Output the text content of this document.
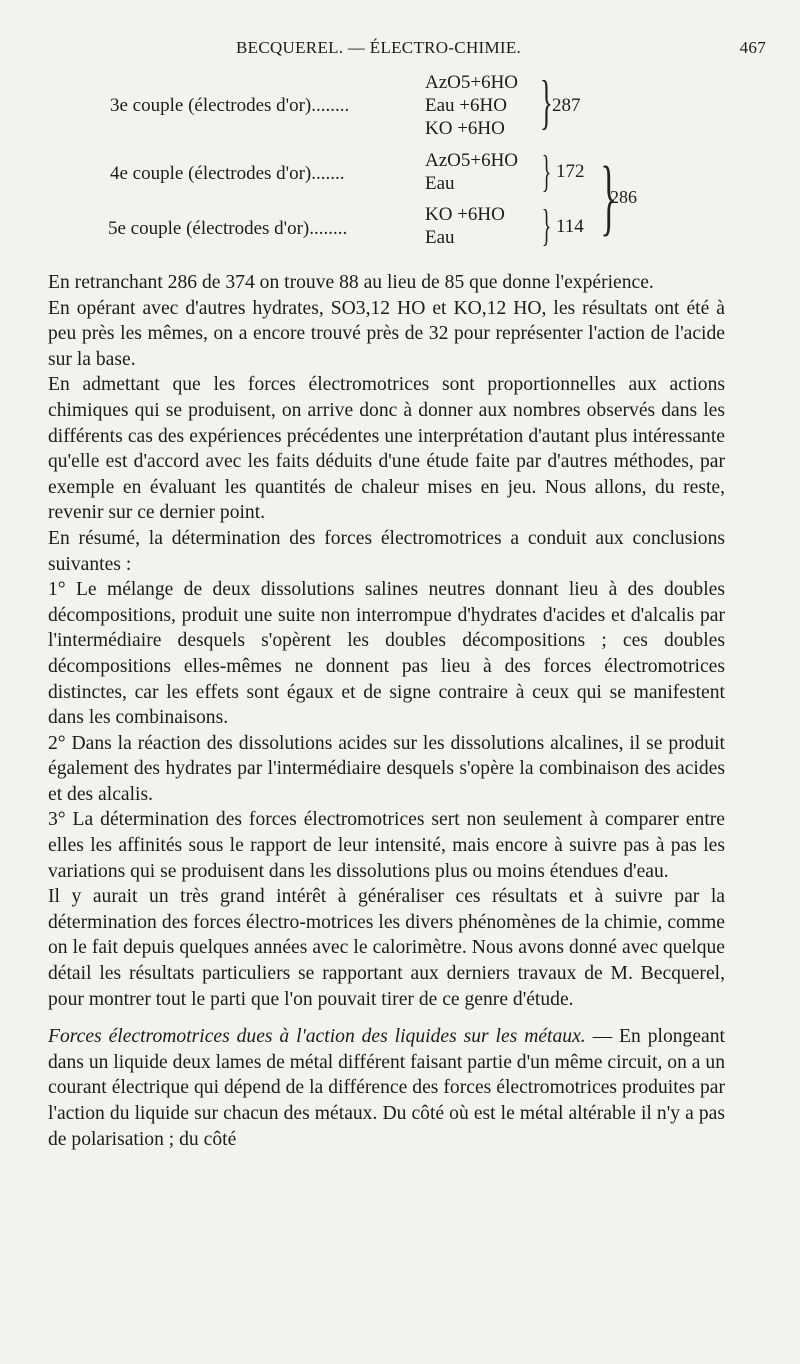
BECQUEREL. — ÉLECTRO-CHIMIE.	467
3e couple (électrodes d'or)........
AzO5+6HO
Eau +6HO
KO +6HO } 287
4e couple (électrodes d'or).......
AzO5+6HO
Eau } 172
5e couple (électrodes d'or)........
KO +6HO
Eau } 114 }
286

En retranchant 286 de 374 on trouve 88 au lieu de 85 que donne l'expérience.

En opérant avec d'autres hydrates, SO3,12 HO et KO,12 HO, les résultats ont été à peu près les mêmes, on a encore trouvé près de 32 pour représenter l'action de l'acide sur la base.

En admettant que les forces électromotrices sont proportionnelles aux actions chimiques qui se produisent, on arrive donc à donner aux nombres observés dans les différents cas des expériences précédentes une interprétation d'autant plus intéressante qu'elle est d'accord avec les faits déduits d'une étude faite par d'autres méthodes, par exemple en évaluant les quantités de chaleur mises en jeu. Nous allons, du reste, revenir sur ce dernier point.

En résumé, la détermination des forces électromotrices a conduit aux conclusions suivantes :

1° Le mélange de deux dissolutions salines neutres donnant lieu à des doubles décompositions, produit une suite non interrompue d'hydrates d'acides et d'alcalis par l'intermédiaire desquels s'opèrent les doubles décompositions ; ces doubles décompositions elles-mêmes ne donnent pas lieu à des forces électromotrices distinctes, car les effets sont égaux et de signe contraire à ceux qui se manifestent dans les combinaisons.

2° Dans la réaction des dissolutions acides sur les dissolutions alcalines, il se produit également des hydrates par l'intermédiaire desquels s'opère la combinaison des acides et des alcalis.

3° La détermination des forces électromotrices sert non seulement à comparer entre elles les affinités sous le rapport de leur intensité, mais encore à suivre pas à pas les variations qui se produisent dans les dissolutions plus ou moins étendues d'eau.

Il y aurait un très grand intérêt à généraliser ces résultats et à suivre par la détermination des forces électro-motrices les divers phénomènes de la chimie, comme on le fait depuis quelques années avec le calorimètre. Nous avons donné avec quelque détail les résultats particuliers se rapportant aux derniers travaux de M. Becquerel, pour montrer tout le parti que l'on pouvait tirer de ce genre d'étude.

Forces électromotrices dues à l'action des liquides sur les métaux. — En plongeant dans un liquide deux lames de métal différent faisant partie d'un même circuit, on a un courant électrique qui dépend de la différence des forces électromotrices produites par l'action du liquide sur chacun des métaux. Du côté où est le métal altérable il n'y a pas de polarisation ; du côté
